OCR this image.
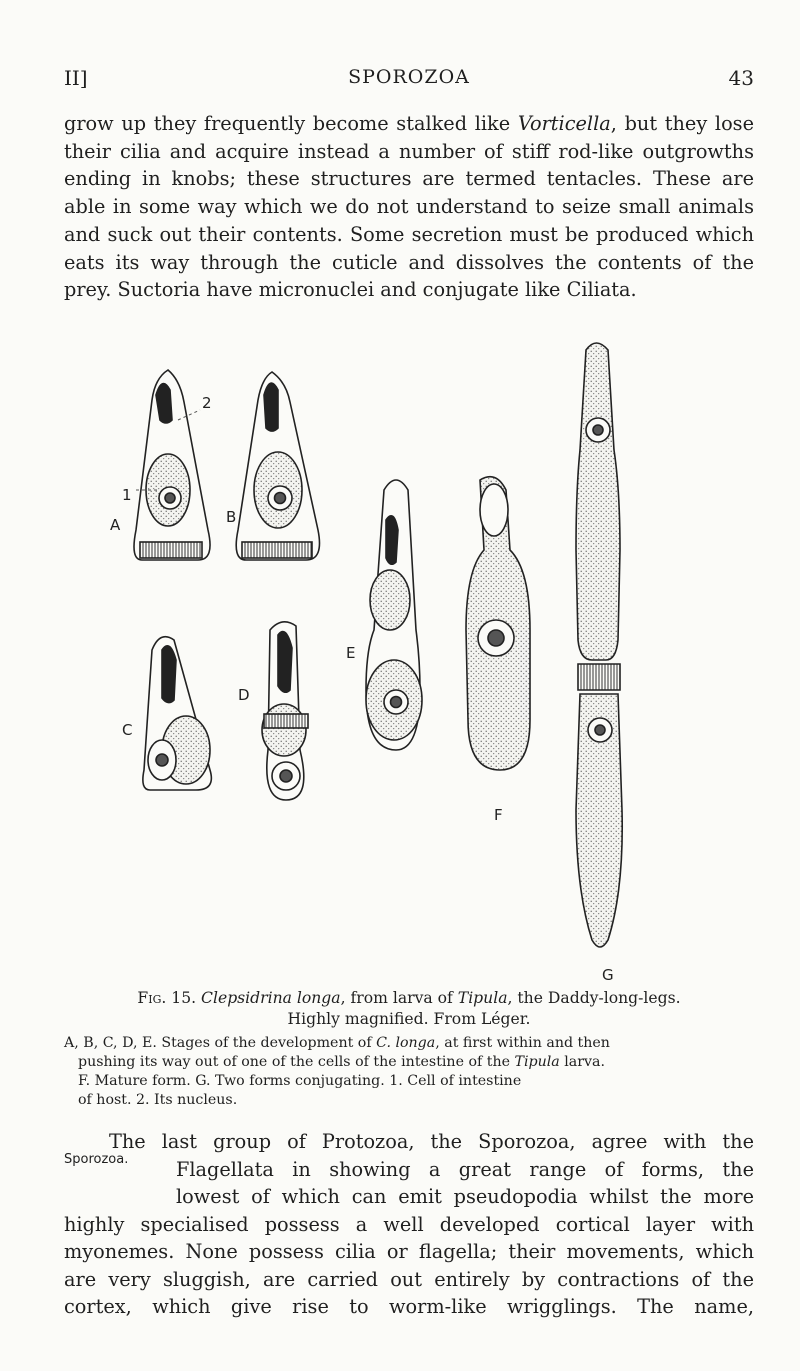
II]	SPOROZOA	43
grow up they frequently become stalked like Vorticella, but they lose
their cilia and acquire instead a number of stiff rod-like outgrowths
ending in knobs; these structures are termed tentacles. These are
able in some way which we do not understand to seize small animals
and suck out their contents. Some secretion must be produced which
eats its way through the cuticle and dissolves the contents of the
prey. Suctoria have micronuclei and conjugate like Ciliata.
A
1
2
B
C
D
E
F
G
Fig. 15. Clepsidrina longa, from larva of Tipula, the Daddy-long-legs.
Highly magnified. From Léger.
A, B, C, D, E. Stages of the development of C. longa, at first within and then
pushing its way out of one of the cells of the intestine of the Tipula larva.
F. Mature form. G. Two forms conjugating. 1. Cell of intestine
of host. 2. Its nucleus.
Sporozoa.
The last group of Protozoa, the Sporozoa, agree with the
Flagellata in showing a great range of forms, the
lowest of which can emit pseudopodia whilst the more
highly specialised possess a well developed cortical layer with
myonemes. None possess cilia or flagella; their movements, which
are very sluggish, are carried out entirely by contractions of the
cortex, which give rise to worm-like wrigglings. The name,
